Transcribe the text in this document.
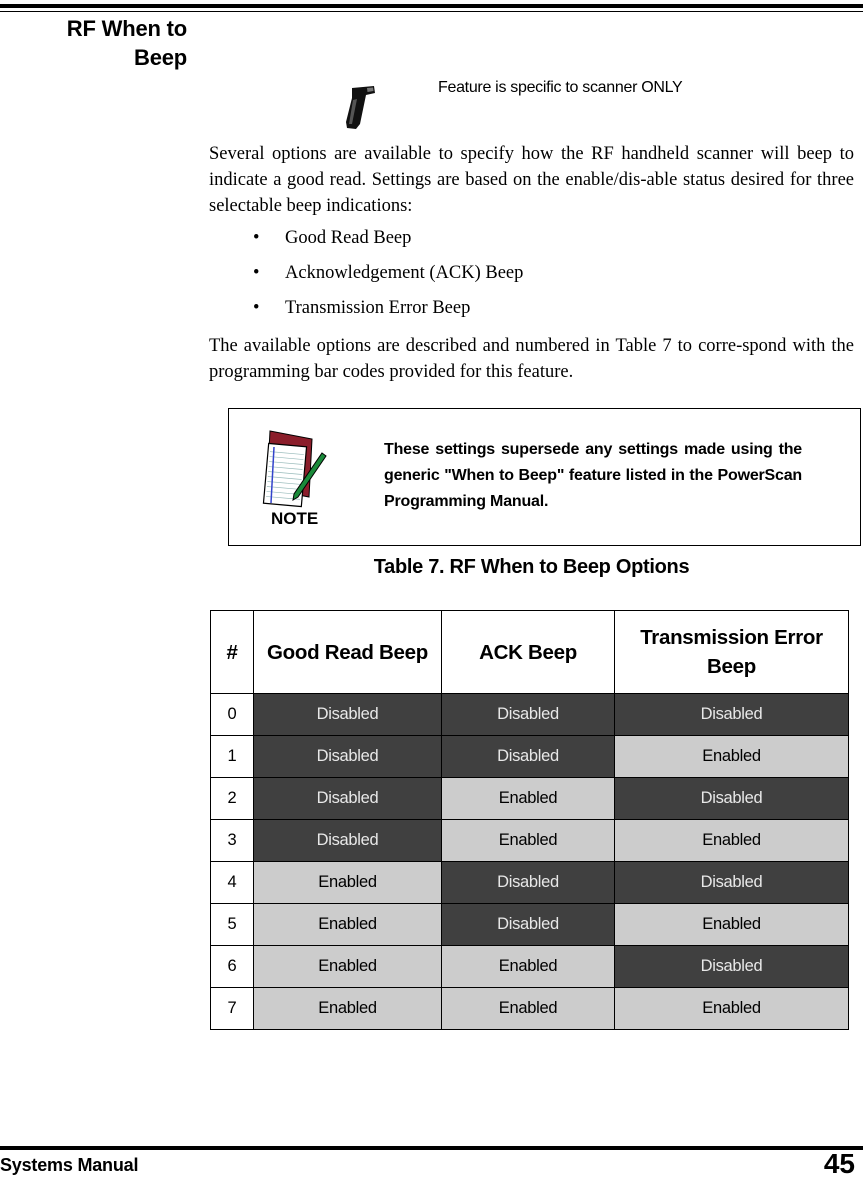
RF When to
Beep
Feature is specific to scanner ONLY
Several options are available to specify how the RF handheld scanner will beep to indicate a good read. Settings are based on the enable/dis-able status desired for three selectable beep indications:
• Good Read Beep
• Acknowledgement (ACK) Beep
• Transmission Error Beep
The available options are described and numbered in Table 7 to corre-spond with the programming bar codes provided for this feature.
NOTE
These settings supersede any settings made using the generic "When to Beep" feature listed in the PowerScan Programming Manual.
Table 7. RF When to Beep Options
#	Good Read Beep	ACK Beep	Transmission Error Beep
0	Disabled	Disabled	Disabled
1	Disabled	Disabled	Enabled
2	Disabled	Enabled	Disabled
3	Disabled	Enabled	Enabled
4	Enabled	Disabled	Disabled
5	Enabled	Disabled	Enabled
6	Enabled	Enabled	Disabled
7	Enabled	Enabled	Enabled
Systems Manual	45
